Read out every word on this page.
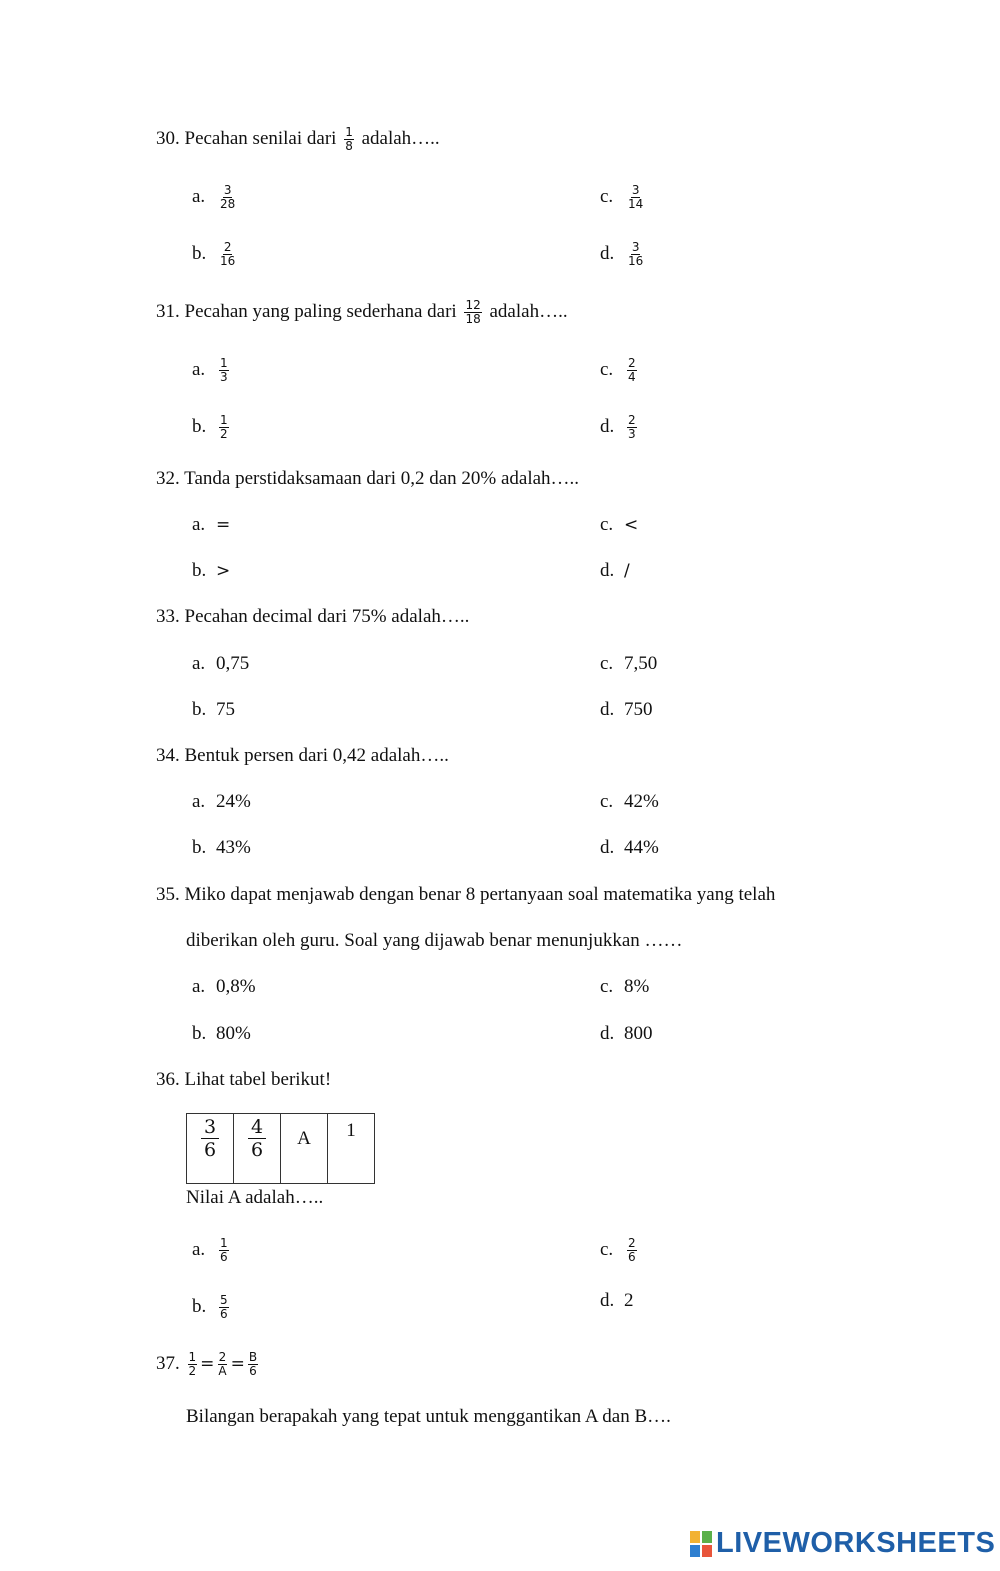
30. Pecahan senilai dari $\frac{1}{8}$ adalah…..
a. $\frac{3}{28}$
b. $\frac{2}{16}$
c. $\frac{3}{14}$
d. $\frac{3}{16}$
31. Pecahan yang paling sederhana dari $\frac{12}{18}$ adalah…..
a. $\frac{1}{3}$
b. $\frac{1}{2}$
c. $\frac{2}{4}$
d. $\frac{2}{3}$
32. Tanda perstidaksamaan dari 0,2 dan 20% adalah…..
a. =
b. >
c. <
d. /
33. Pecahan decimal dari 75% adalah…..
a. 0,75
b. 75
c. 7,50
d. 750
34. Bentuk persen dari 0,42 adalah…..
a. 24%
b. 43%
c. 42%
d. 44%
35. Miko dapat menjawab dengan benar 8 pertanyaan soal matematika yang telah
diberikan oleh guru. Soal yang dijawab benar menunjukkan ……
a. 0,8%
b. 80%
c. 8%
d. 800
36. Lihat tabel berikut!
$\frac{3}{6}$	$\frac{4}{6}$	A	1
Nilai A adalah…..
a. $\frac{1}{6}$
b. $\frac{5}{6}$
c. $\frac{2}{6}$
d. 2
37. $\frac{1}{2} = \frac{2}{A} = \frac{B}{6}$
Bilangan berapakah yang tepat untuk menggantikan A dan B….
LIVEWORKSHEETS
